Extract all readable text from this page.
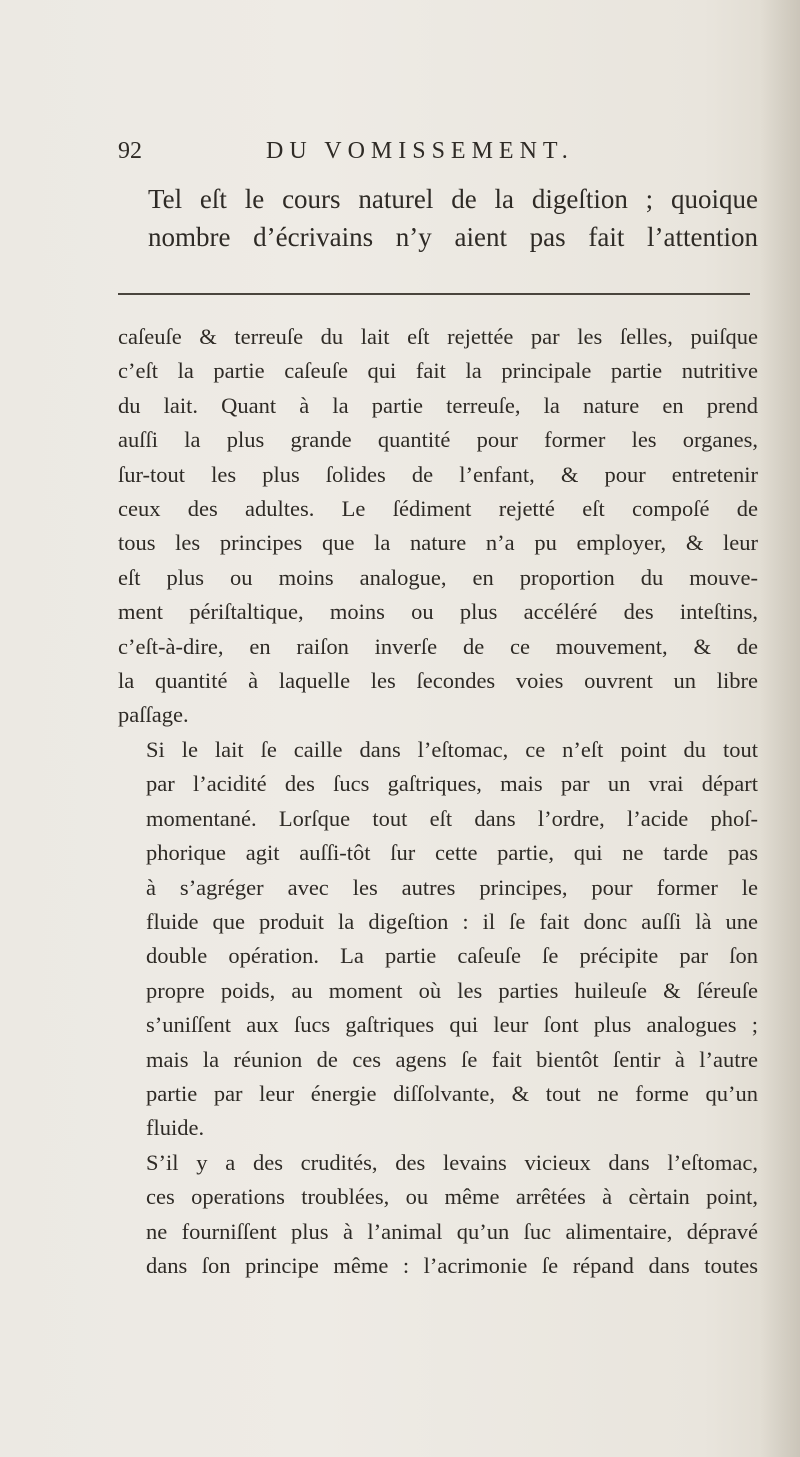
92	DU VOMISSEMENT.

Tel eſt le cours naturel de la digeſtion ; quoique
nombre d’écrivains n’y aient pas fait l’attention

caſeuſe & terreuſe du lait eſt rejettée par les ſelles, puiſque
c’eſt la partie caſeuſe qui fait la principale partie nutritive
du lait. Quant à la partie terreuſe, la nature en prend
auſſi la plus grande quantité pour former les organes,
ſur-tout les plus ſolides de l’enfant, & pour entretenir
ceux des adultes. Le ſédiment rejetté eſt compoſé de
tous les principes que la nature n’a pu employer, & leur
eſt plus ou moins analogue, en proportion du mouve-
ment périſtaltique, moins ou plus accéléré des inteſtins,
c’eſt-à-dire, en raiſon inverſe de ce mouvement, & de
la quantité à laquelle les ſecondes voies ouvrent un libre
paſſage.

Si le lait ſe caille dans l’eſtomac, ce n’eſt point du tout
par l’acidité des ſucs gaſtriques, mais par un vrai départ
momentané. Lorſque tout eſt dans l’ordre, l’acide phoſ-
phorique agit auſſi-tôt ſur cette partie, qui ne tarde pas
à s’agréger avec les autres principes, pour former le
fluide que produit la digeſtion : il ſe fait donc auſſi là une
double opération. La partie caſeuſe ſe précipite par ſon
propre poids, au moment où les parties huileuſe & ſéreuſe
s’uniſſent aux ſucs gaſtriques qui leur ſont plus analogues ;
mais la réunion de ces agens ſe fait bientôt ſentir à l’autre
partie par leur énergie diſſolvante, & tout ne forme qu’un
fluide.

S’il y a des crudités, des levains vicieux dans l’eſtomac,
ces operations troublées, ou même arrêtées à cèrtain point,
ne fourniſſent plus à l’animal qu’un ſuc alimentaire, dépravé
dans ſon principe même : l’acrimonie ſe répand dans toutes
